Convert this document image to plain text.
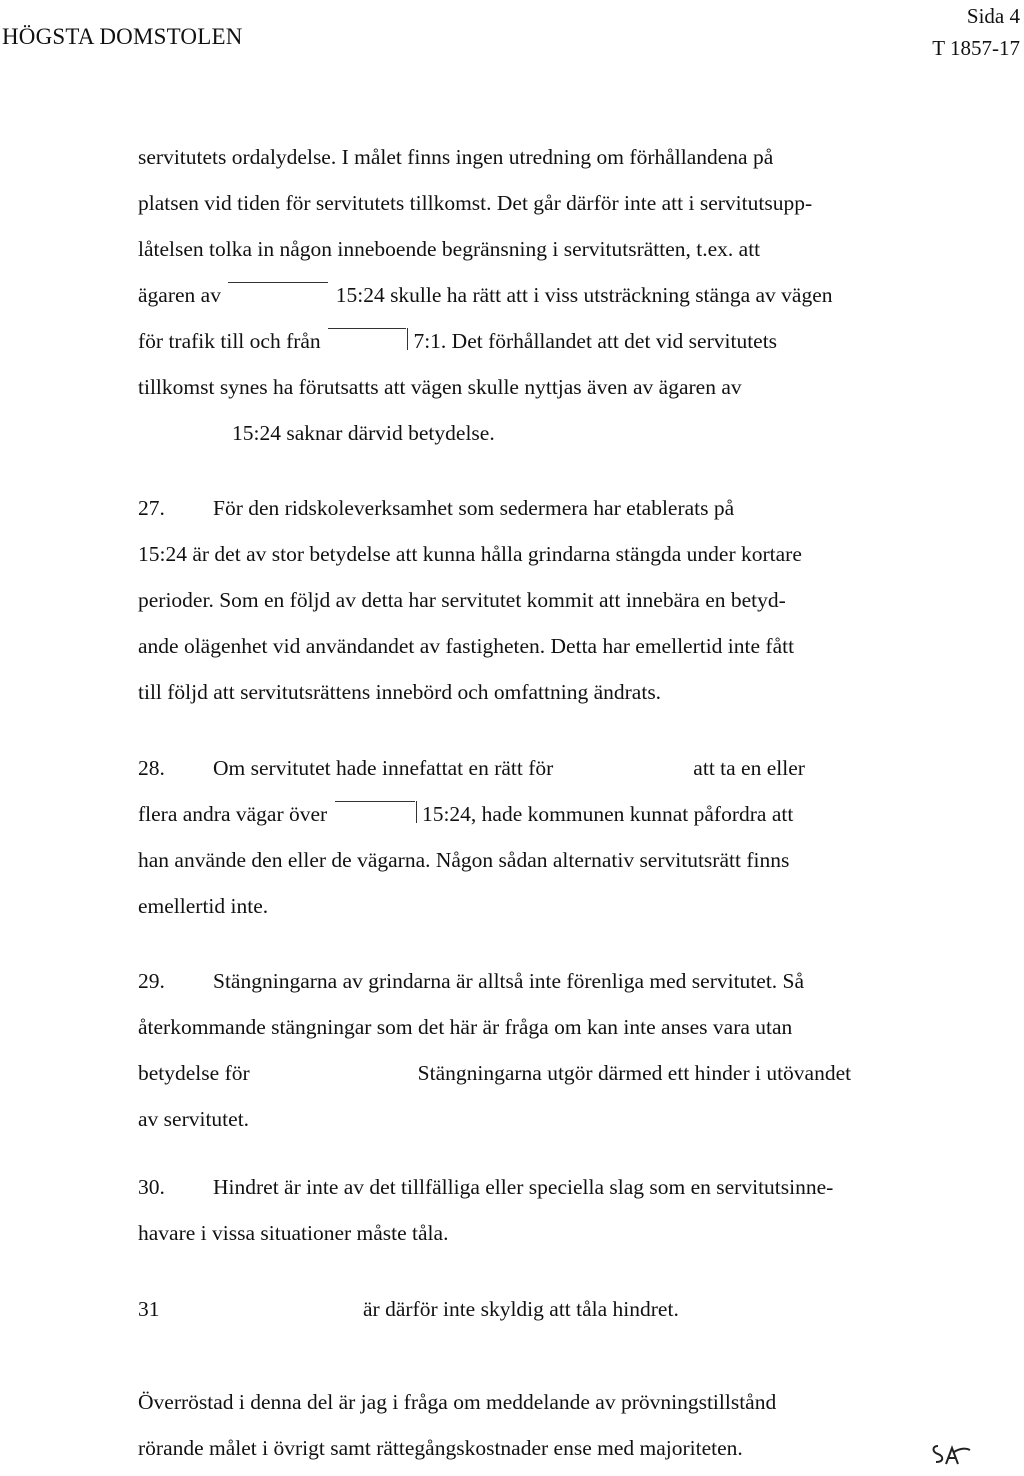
HÖGSTA DOMSTOLEN
Sida 4
T 1857-17
servitutets ordalydelse. I målet finns ingen utredning om förhållandena på
platsen vid tiden för servitutets tillkomst. Det går därför inte att i servitutsupp-
låtelsen tolka in någon inneboende begränsning i servitutsrätten, t.ex. att
ägaren av	15:24 skulle ha rätt att i viss utsträckning stänga av vägen
för trafik till och från	7:1. Det förhållandet att det vid servitutets
tillkomst synes ha förutsatts att vägen skulle nyttjas även av ägaren av
15:24 saknar därvid betydelse.
27. För den ridskoleverksamhet som sedermera har etablerats på
15:24 är det av stor betydelse att kunna hålla grindarna stängda under kortare
perioder. Som en följd av detta har servitutet kommit att innebära en betyd-
ande olägenhet vid användandet av fastigheten. Detta har emellertid inte fått
till följd att servitutsrättens innebörd och omfattning ändrats.
28. Om servitutet hade innefattat en rätt för	att ta en eller
flera andra vägar över	15:24, hade kommunen kunnat påfordra att
han använde den eller de vägarna. Någon sådan alternativ servitutsrätt finns
emellertid inte.
29. Stängningarna av grindarna är alltså inte förenliga med servitutet. Så
återkommande stängningar som det här är fråga om kan inte anses vara utan
betydelse för	Stängningarna utgör därmed ett hinder i utövandet
av servitutet.
30. Hindret är inte av det tillfälliga eller speciella slag som en servitutsinne-
havare i vissa situationer måste tåla.
31	är därför inte skyldig att tåla hindret.
Överröstad i denna del är jag i fråga om meddelande av prövningstillstånd
rörande målet i övrigt samt rättegångskostnader ense med majoriteten.
